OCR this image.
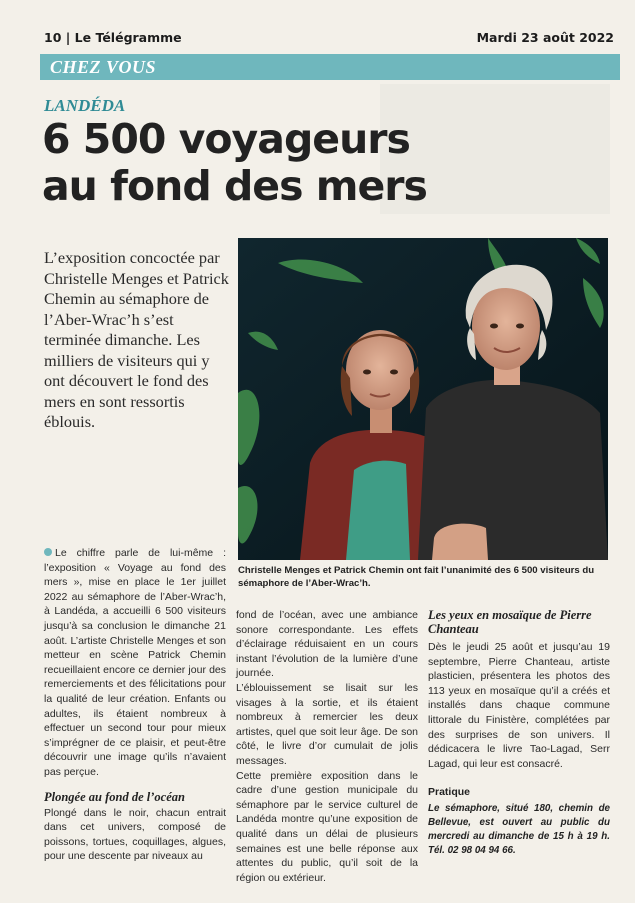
10 | Le Télégramme	Mardi 23 août 2022
CHEZ VOUS
LANDÉDA
6 500 voyageurs
au fond des mers
L’exposition concoctée par Christelle Menges et Patrick Chemin au sémaphore de l’Aber-Wrac’h s’est terminée dimanche. Les milliers de visiteurs qui y ont découvert le fond des mers en sont ressortis éblouis.
Christelle Menges et Patrick Chemin ont fait l’unanimité des 6 500 visiteurs du sémaphore de l’Aber-Wrac’h.

Le chiffre parle de lui-même : l’exposition « Voyage au fond des mers », mise en place le 1er juillet 2022 au sémaphore de l’Aber-Wrac’h, à Landéda, a accueilli 6 500 visiteurs jusqu’à sa conclusion le dimanche 21 août. L’artiste Christelle Menges et son metteur en scène Patrick Chemin recueillaient encore ce dernier jour des remerciements et des félicitations pour la qualité de leur création. Enfants ou adultes, ils étaient nombreux à effectuer un second tour pour mieux s’imprégner de ce plaisir, et peut-être découvrir une image qu’ils n’avaient pas perçue.

Plongée au fond de l’océan

Plongé dans le noir, chacun entrait dans cet univers, composé de poissons, tortues, coquillages, algues, pour une descente par niveaux au

fond de l’océan, avec une ambiance sonore correspondante. Les effets d’éclairage réduisaient en un cours instant l’évolution de la lumière d’une journée.

L’éblouissement se lisait sur les visages à la sortie, et ils étaient nombreux à remercier les deux artistes, quel que soit leur âge. De son côté, le livre d’or cumulait de jolis messages.

Cette première exposition dans le cadre d’une gestion municipale du sémaphore par le service culturel de Landéda montre qu’une exposition de qualité dans un délai de plusieurs semaines est une belle réponse aux attentes du public, qu’il soit de la région ou extérieur.

Les yeux en mosaïque de Pierre Chanteau

Dès le jeudi 25 août et jusqu’au 19 septembre, Pierre Chanteau, artiste plasticien, présentera les photos des 113 yeux en mosaïque qu’il a créés et installés dans chaque commune littorale du Finistère, complétées par des surprises de son univers. Il dédicacera le livre Tao-Lagad, Serr Lagad, qui leur est consacré.

Pratique
Le sémaphore, situé 180, chemin de Bellevue, est ouvert au public du mercredi au dimanche de 15 h à 19 h. Tél. 02 98 04 94 66.
